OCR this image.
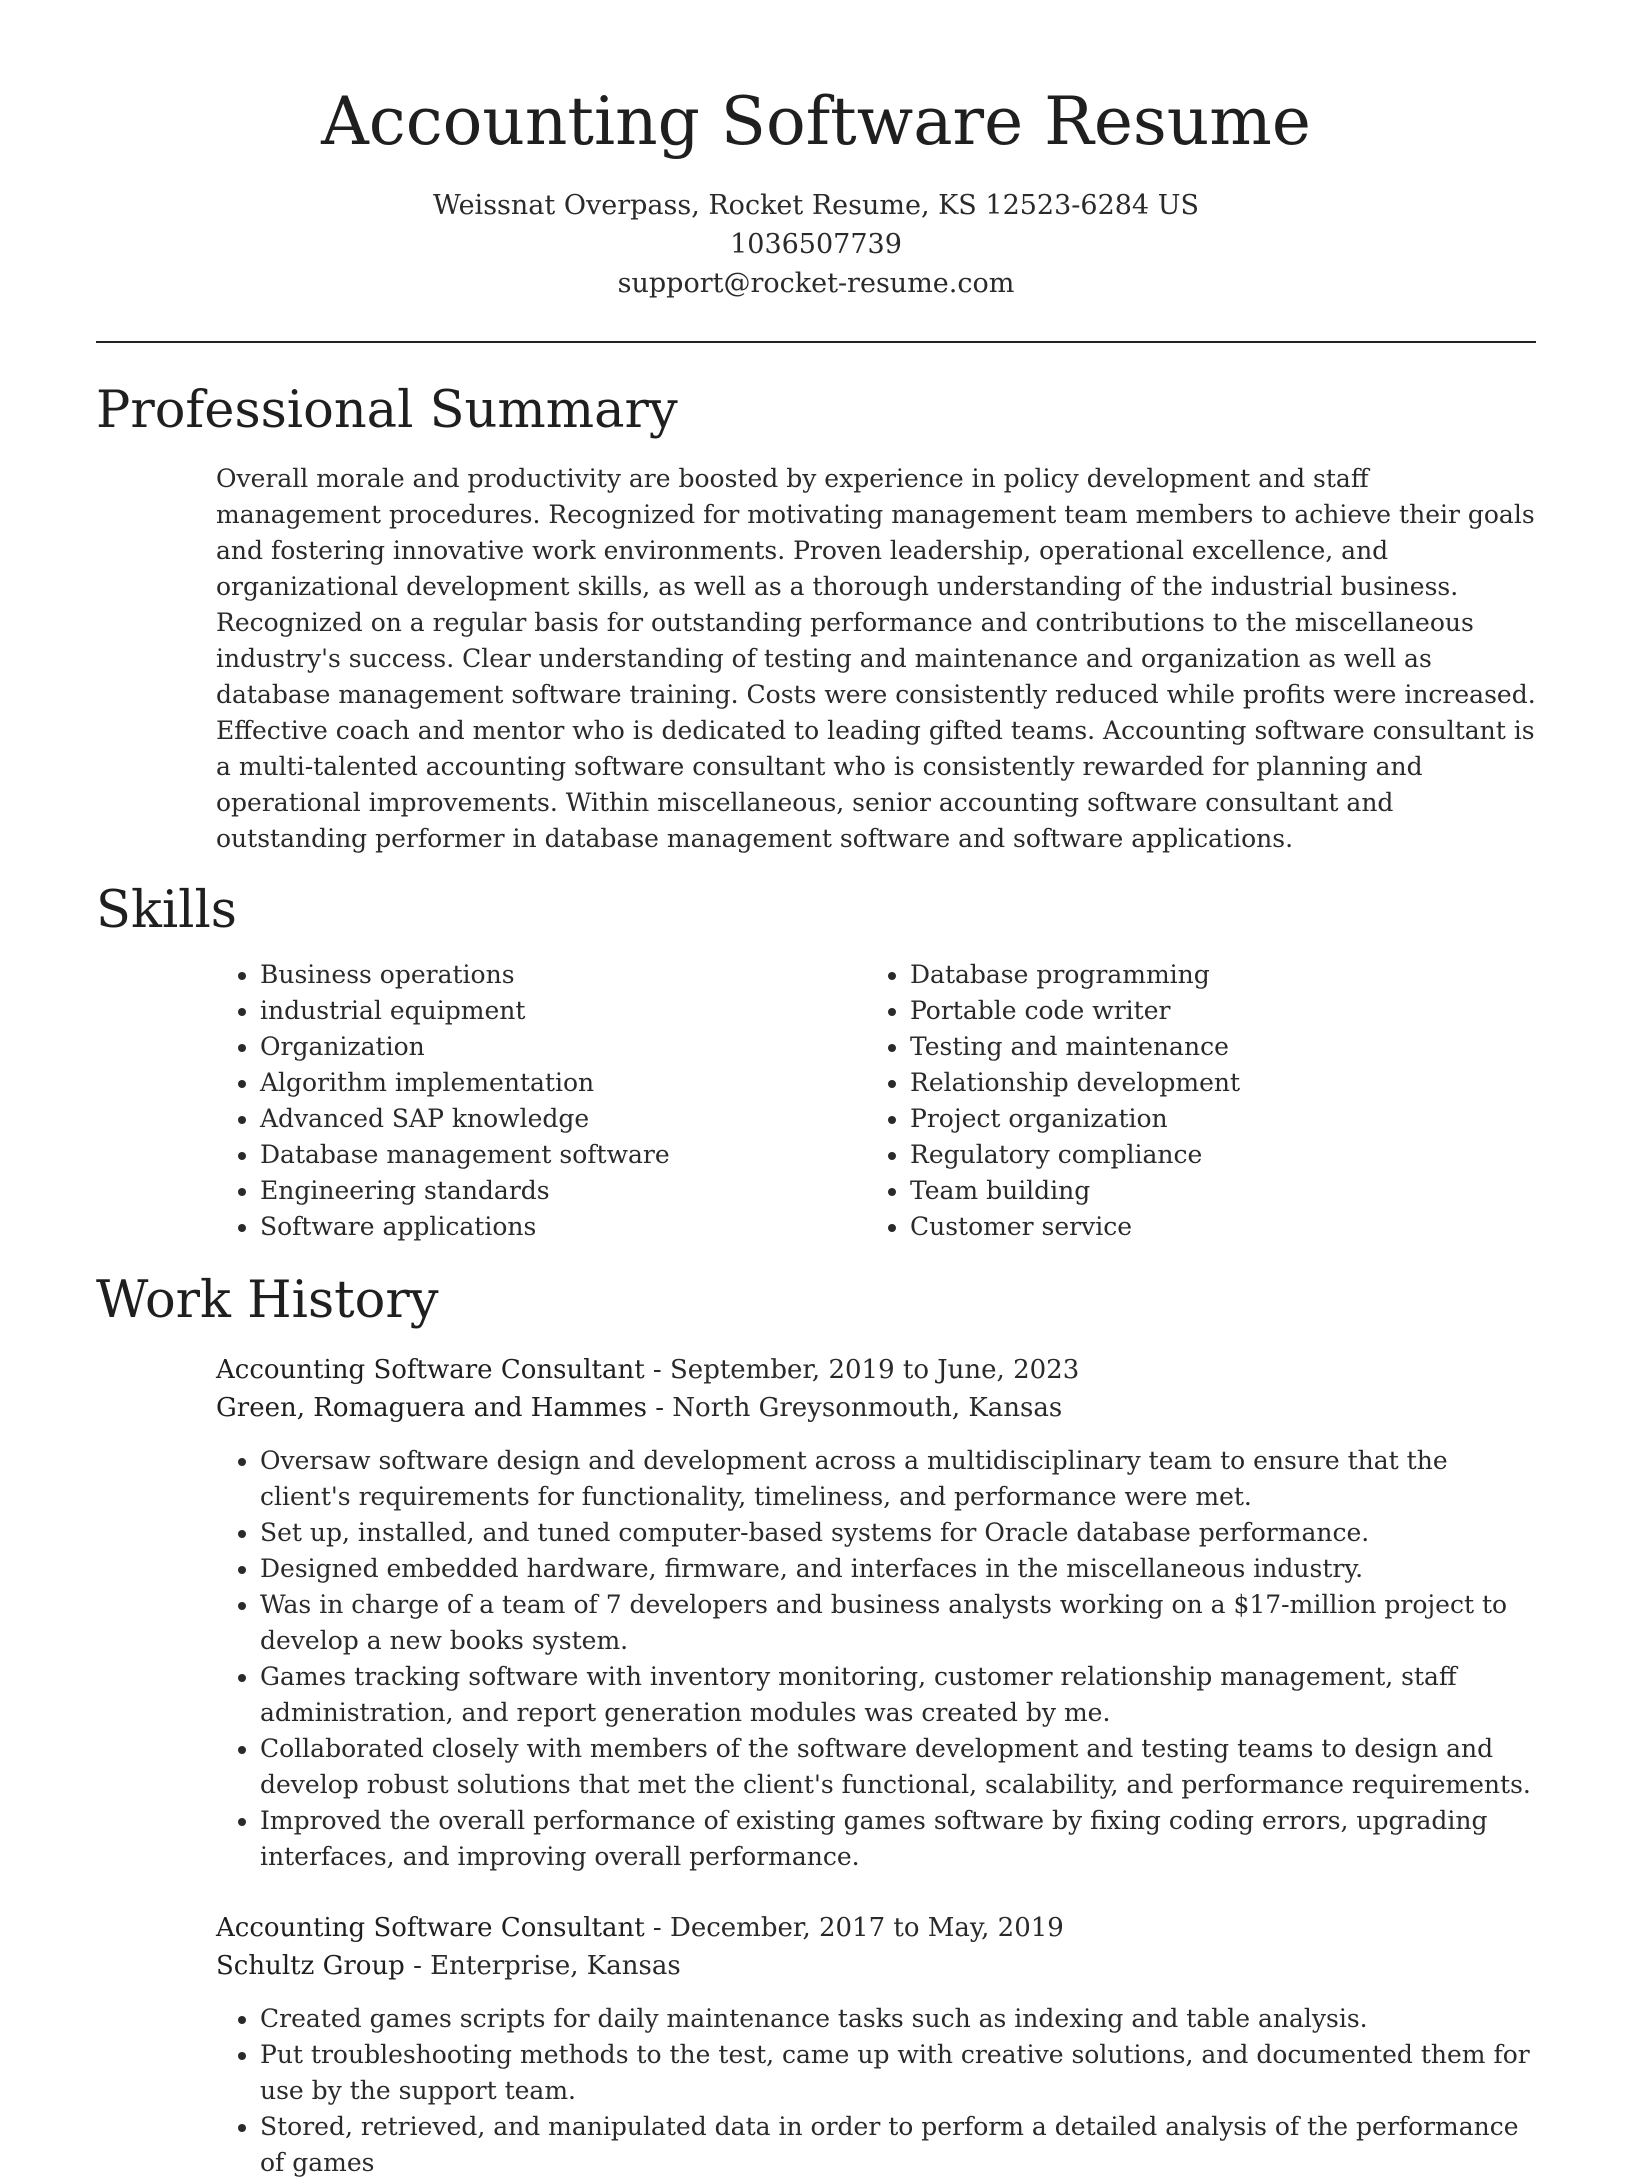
Accounting Software Resume
Weissnat Overpass, Rocket Resume, KS 12523-6284 US
1036507739
support@rocket-resume.com
Professional Summary
Overall morale and productivity are boosted by experience in policy development and staff management procedures. Recognized for motivating management team members to achieve their goals and fostering innovative work environments. Proven leadership, operational excellence, and organizational development skills, as well as a thorough understanding of the industrial business. Recognized on a regular basis for outstanding performance and contributions to the miscellaneous industry's success. Clear understanding of testing and maintenance and organization as well as database management software training. Costs were consistently reduced while profits were increased. Effective coach and mentor who is dedicated to leading gifted teams. Accounting software consultant is a multi-talented accounting software consultant who is consistently rewarded for planning and operational improvements. Within miscellaneous, senior accounting software consultant and outstanding performer in database management software and software applications.
Skills
• Business operations
• industrial equipment
• Organization
• Algorithm implementation
• Advanced SAP knowledge
• Database management software
• Engineering standards
• Software applications
• Database programming
• Portable code writer
• Testing and maintenance
• Relationship development
• Project organization
• Regulatory compliance
• Team building
• Customer service
Work History
Accounting Software Consultant - September, 2019 to June, 2023
Green, Romaguera and Hammes - North Greysonmouth, Kansas
• Oversaw software design and development across a multidisciplinary team to ensure that the client's requirements for functionality, timeliness, and performance were met.
• Set up, installed, and tuned computer-based systems for Oracle database performance.
• Designed embedded hardware, firmware, and interfaces in the miscellaneous industry.
• Was in charge of a team of 7 developers and business analysts working on a $17-million project to develop a new books system.
• Games tracking software with inventory monitoring, customer relationship management, staff administration, and report generation modules was created by me.
• Collaborated closely with members of the software development and testing teams to design and develop robust solutions that met the client's functional, scalability, and performance requirements.
• Improved the overall performance of existing games software by fixing coding errors, upgrading interfaces, and improving overall performance.
Accounting Software Consultant - December, 2017 to May, 2019
Schultz Group - Enterprise, Kansas
• Created games scripts for daily maintenance tasks such as indexing and table analysis.
• Put troubleshooting methods to the test, came up with creative solutions, and documented them for use by the support team.
• Stored, retrieved, and manipulated data in order to perform a detailed analysis of the performance of games
